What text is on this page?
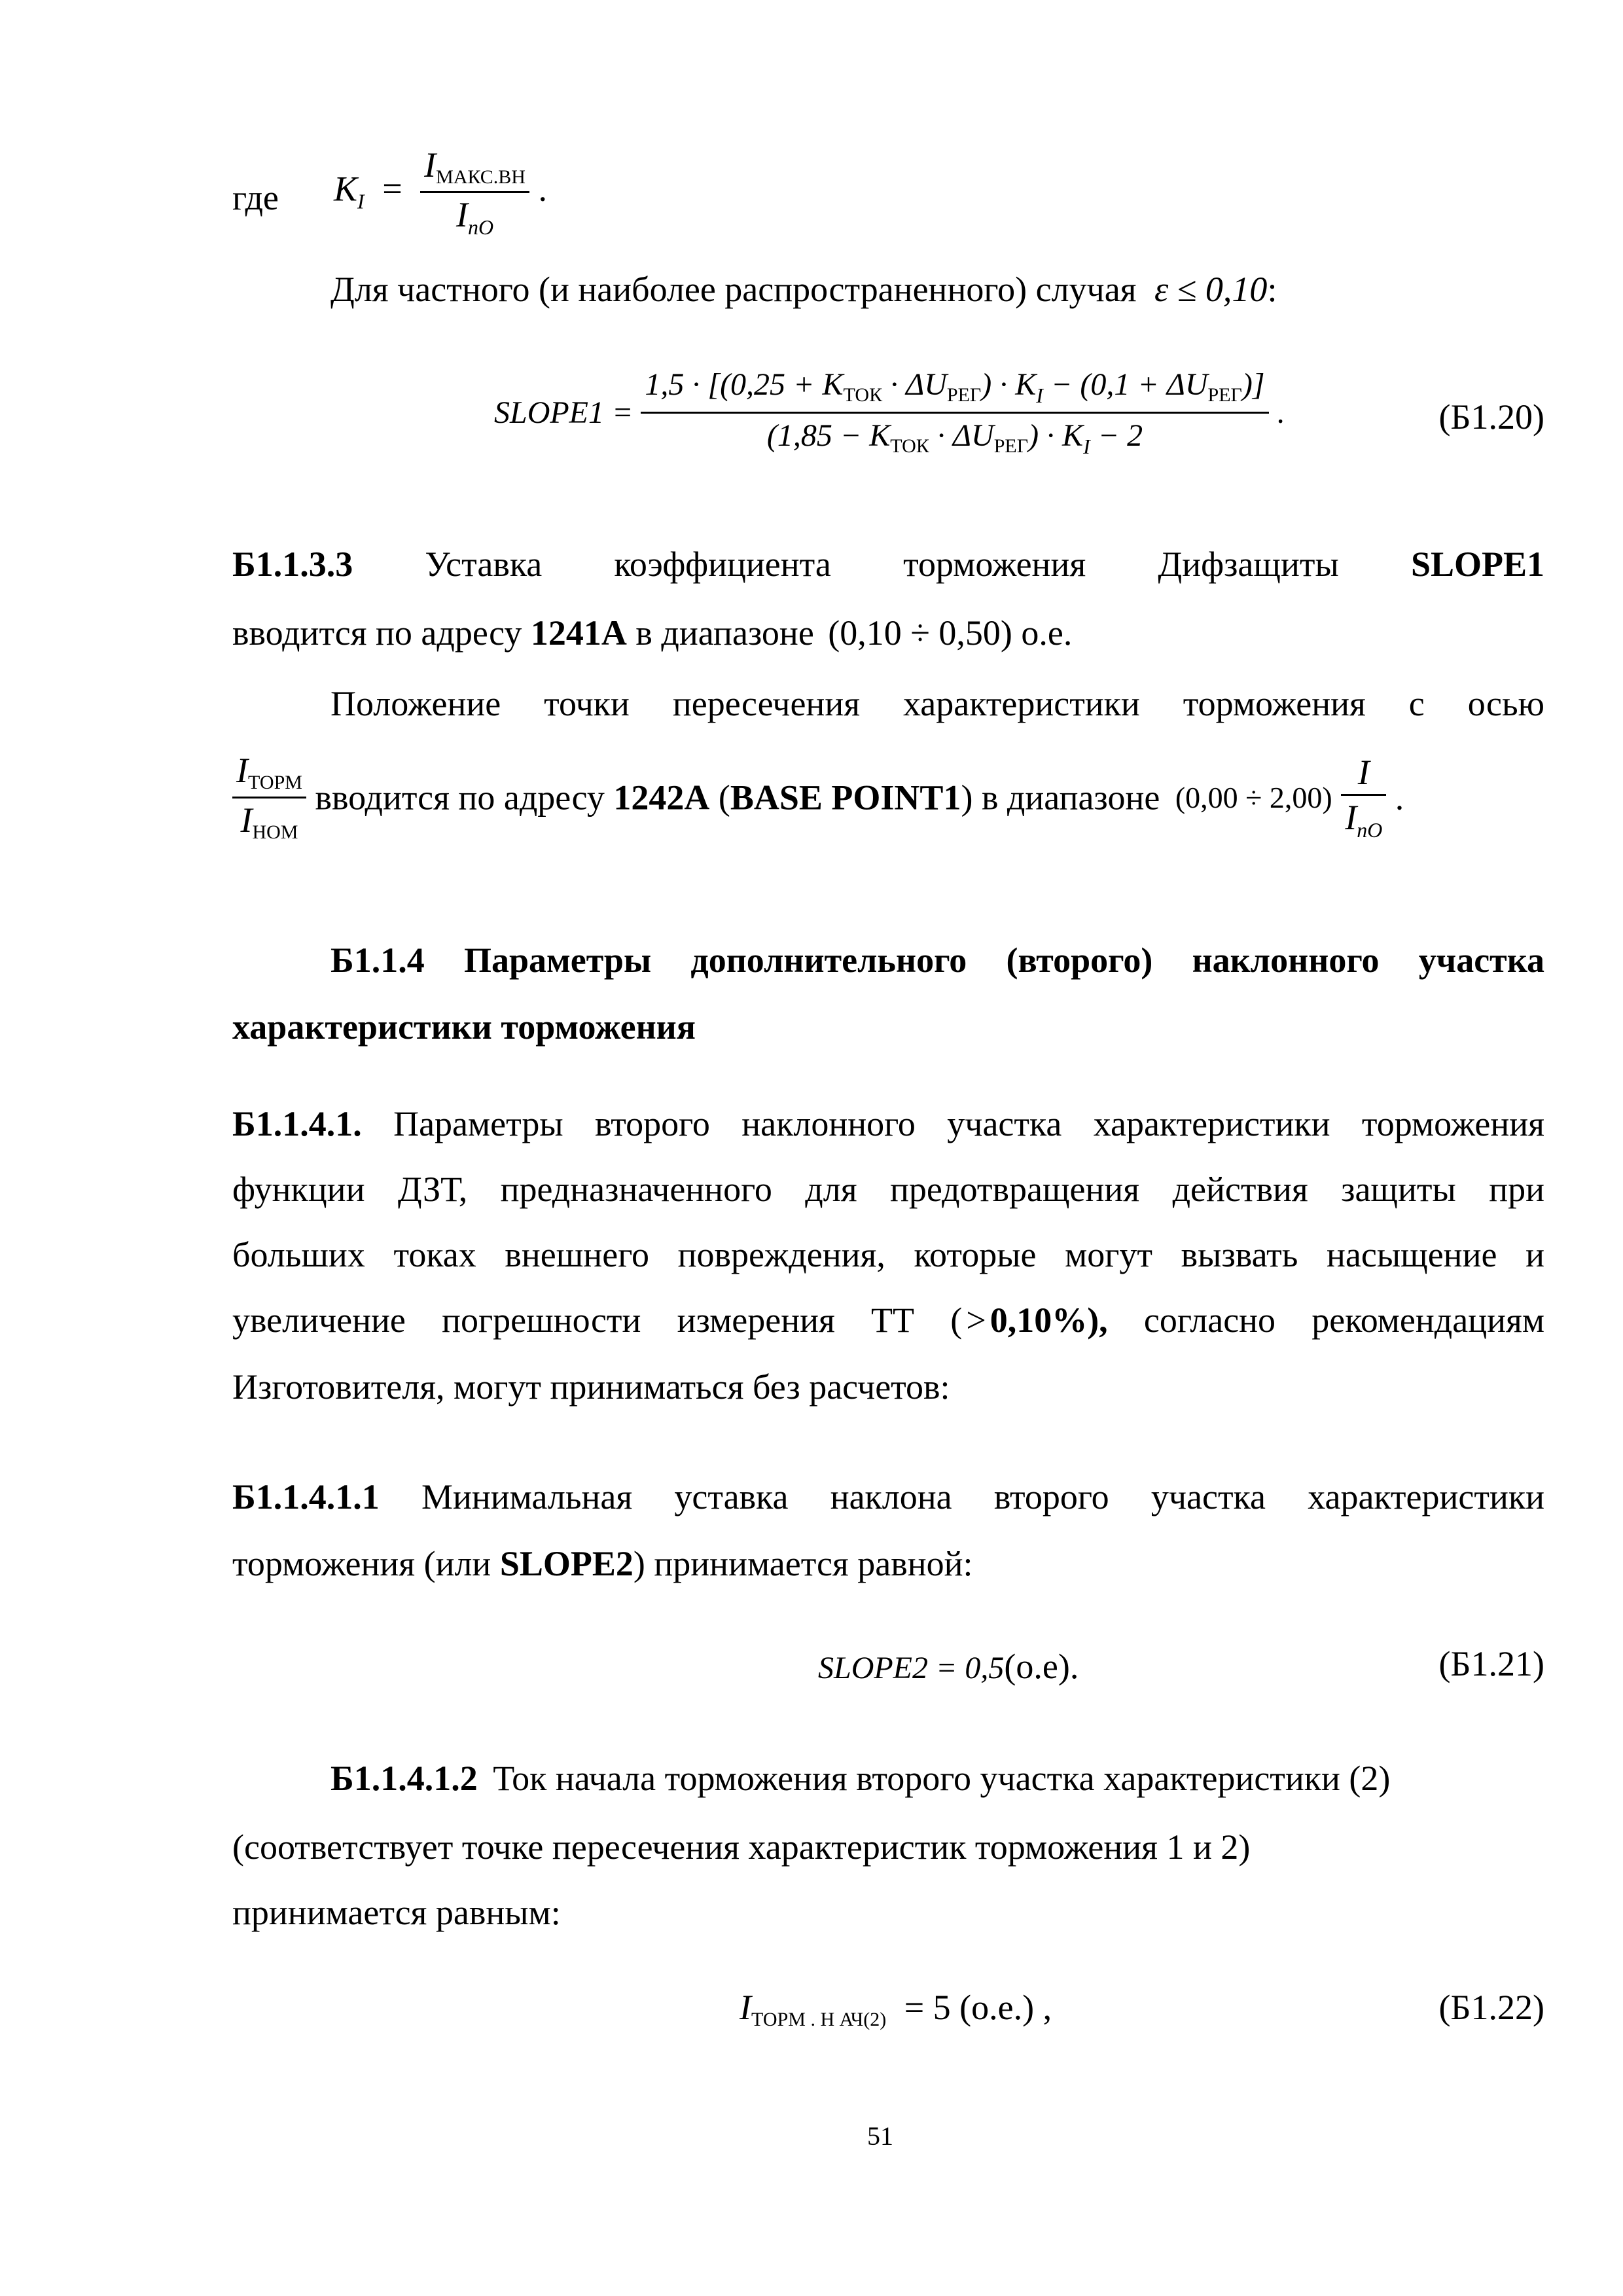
где $K_I = \frac{I_{МАКС.ВН}}{I_{nO}}$ .
Для частного (и наиболее распространенного) случая ε ≤ 0,10:
SLOPE1 = $\frac{1,5 \cdot [(0,25 + K_{ТОК} \cdot \Delta U_{РЕГ}) \cdot K_I - (0,1 + \Delta U_{РЕГ})]}{(1,85 - K_{ТОК} \cdot \Delta U_{РЕГ}) \cdot K_I - 2}$ .	(Б1.20)
Б1.1.3.3 Уставка коэффициента торможения Дифзащиты SLOPE1
вводится по адресу 1241А в диапазоне (0,10 ÷ 0,50) о.е.
Положение точки пересечения характеристики торможения с осью
$\frac{I_{ТОРМ}}{I_{НОМ}}$ вводится по адресу 1242А (BASE POINT1) в диапазоне $(0,00 \div 2,00) \frac{I}{I_{nO}}$ .
Б1.1.4 Параметры дополнительного (второго) наклонного участка
характеристики торможения
Б1.1.4.1. Параметры второго наклонного участка характеристики торможения
функции ДЗТ, предназначенного для предотвращения действия защиты при
больших токах внешнего повреждения, которые могут вызвать насыщение и
увеличение погрешности измерения ТТ ( > 0,10%), согласно рекомендациям
Изготовителя, могут приниматься без расчетов:
Б1.1.4.1.1 Минимальная уставка наклона второго участка характеристики
торможения (или SLOPE2) принимается равной:
SLOPE2 = 0,5(о.е).	(Б1.21)
Б1.1.4.1.2 Ток начала торможения второго участка характеристики (2)
(соответствует точке пересечения характеристик торможения 1 и 2)
принимается равным:
$I_{ТОРМ . Н АЧ(2)} = 5$ (о.е.) ,	(Б1.22)
51
